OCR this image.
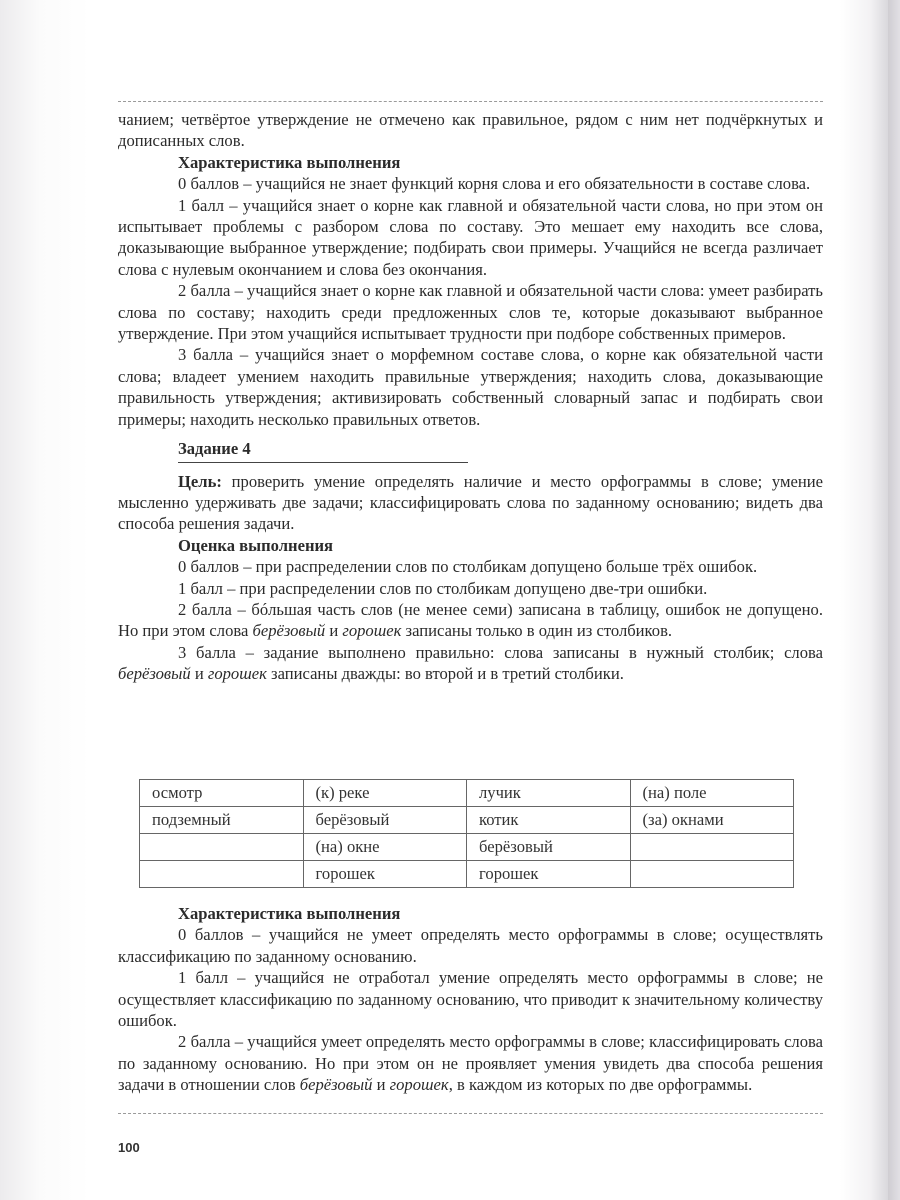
чанием; четвёртое утверждение не отмечено как правильное, рядом с ним нет подчёркнутых и дописанных слов.

Характеристика выполнения

0 баллов – учащийся не знает функций корня слова и его обязательности в составе слова.

1 балл – учащийся знает о корне как главной и обязательной части слова, но при этом он испытывает проблемы с разбором слова по составу. Это мешает ему находить все слова, доказывающие выбранное утверждение; подбирать свои примеры. Учащийся не всегда различает слова с нулевым окончанием и слова без окончания.

2 балла – учащийся знает о корне как главной и обязательной части слова: умеет разбирать слова по составу; находить среди предложенных слов те, которые доказывают выбранное утверждение. При этом учащийся испытывает трудности при подборе собственных примеров.

3 балла – учащийся знает о морфемном составе слова, о корне как обязательной части слова; владеет умением находить правильные утверждения; находить слова, доказывающие правильность утверждения; активизировать собственный словарный запас и подбирать свои примеры; находить несколько правильных ответов.

Задание 4

Цель: проверить умение определять наличие и место орфограммы в слове; умение мысленно удерживать две задачи; классифицировать слова по заданному основанию; видеть два способа решения задачи.

Оценка выполнения

0 баллов – при распределении слов по столбикам допущено больше трёх ошибок.

1 балл – при распределении слов по столбикам допущено две-три ошибки.

2 балла – бóльшая часть слов (не менее семи) записана в таблицу, ошибок не допущено. Но при этом слова берёзовый и горошек записаны только в один из столбиков.

3 балла – задание выполнено правильно: слова записаны в нужный столбик; слова берёзовый и горошек записаны дважды: во второй и в третий столбики.

осмотр	(к) реке	лучик	(на) поле
подземный	берёзовый	котик	(за) окнами
	(на) окне	берёзовый	
	горошек	горошек	

Характеристика выполнения

0 баллов – учащийся не умеет определять место орфограммы в слове; осуществлять классификацию по заданному основанию.

1 балл – учащийся не отработал умение определять место орфограммы в слове; не осуществляет классификацию по заданному основанию, что приводит к значительному количеству ошибок.

2 балла – учащийся умеет определять место орфограммы в слове; классифицировать слова по заданному основанию. Но при этом он не проявляет умения увидеть два способа решения задачи в отношении слов берёзовый и горошек, в каждом из которых по две орфограммы.

100
